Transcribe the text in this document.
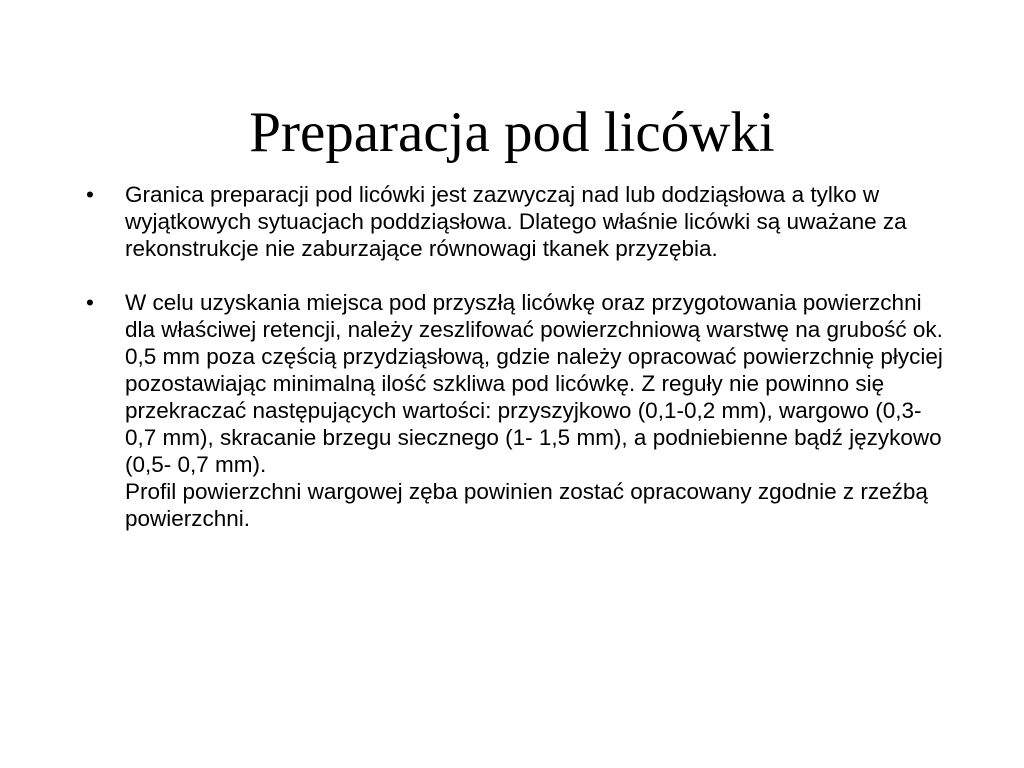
Preparacja pod licówki
• Granica preparacji pod licówki jest zazwyczaj nad lub dodziąsłowa a tylko w wyjątkowych sytuacjach poddziąsłowa. Dlatego właśnie licówki są uważane za rekonstrukcje nie zaburzające równowagi tkanek przyzębia.
• W celu uzyskania miejsca pod przyszłą licówkę oraz przygotowania powierzchni dla właściwej retencji, należy zeszlifować powierzchniową warstwę na grubość ok. 0,5 mm poza częścią przydziąsłową, gdzie należy opracować powierzchnię płyciej pozostawiając minimalną ilość szkliwa pod licówkę. Z reguły nie powinno się przekraczać następujących wartości: przyszyjkowo (0,1-0,2 mm), wargowo (0,3- 0,7 mm), skracanie brzegu siecznego (1- 1,5 mm), a podniebienne bądź językowo (0,5- 0,7 mm).
Profil powierzchni wargowej zęba powinien zostać opracowany zgodnie z rzeźbą powierzchni.
